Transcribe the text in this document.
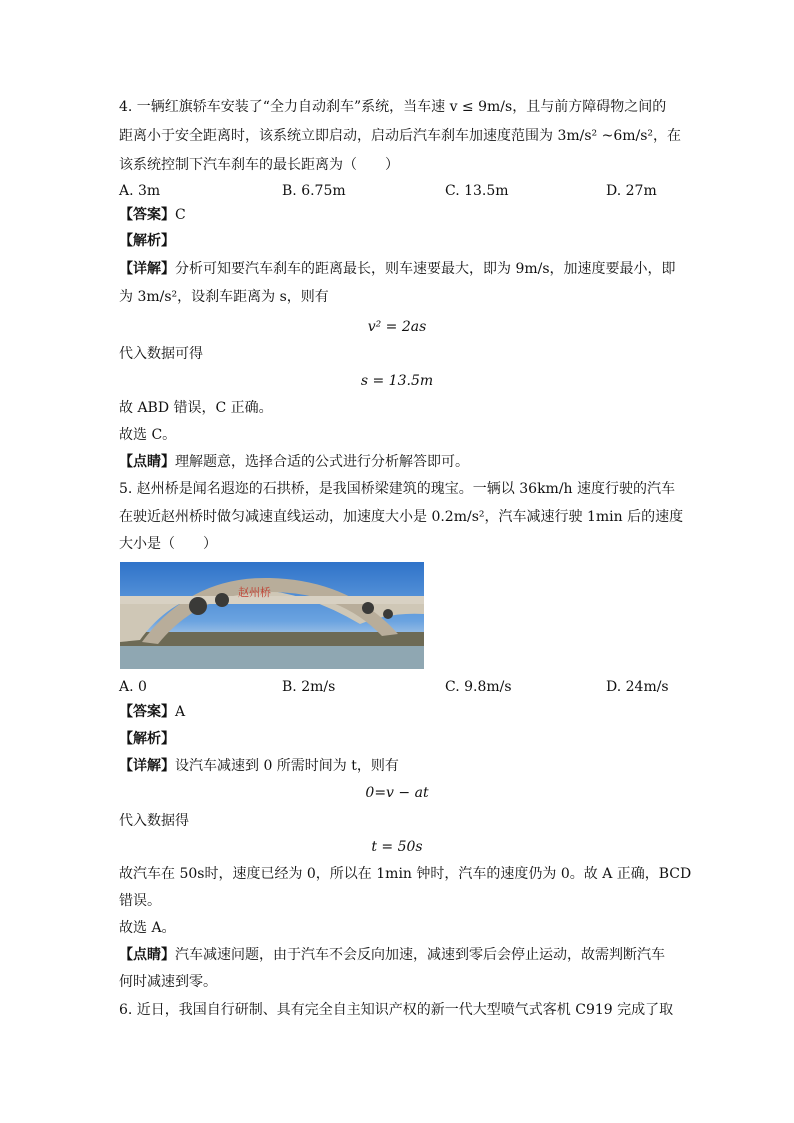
4. 一辆红旗轿车安装了“全力自动刹车”系统，当车速 v ≤ 9m/s，且与前方障碍物之间的
距离小于安全距离时，该系统立即启动，启动后汽车刹车加速度范围为 3m/s² ~6m/s²，在
该系统控制下汽车刹车的最长距离为（　　）
A. 3m	B. 6.75m	C. 13.5m	D. 27m
【答案】C
【解析】
【详解】分析可知要汽车刹车的距离最长，则车速要最大，即为 9m/s，加速度要最小，即
为 3m/s²，设刹车距离为 s，则有
v² = 2as
代入数据可得
s = 13.5m
故 ABD 错误，C 正确。
故选 C。
【点睛】理解题意，选择合适的公式进行分析解答即可。
5. 赵州桥是闻名遐迩的石拱桥，是我国桥梁建筑的瑰宝。一辆以 36km/h 速度行驶的汽车
在驶近赵州桥时做匀减速直线运动，加速度大小是 0.2m/s²，汽车减速行驶 1min 后的速度
大小是（　　）
赵州桥
A. 0	B. 2m/s	C. 9.8m/s	D. 24m/s
【答案】A
【解析】
【详解】设汽车减速到 0 所需时间为 t，则有
0=v − at
代入数据得
t = 50s
故汽车在 50s时，速度已经为 0，所以在 1min 钟时，汽车的速度仍为 0。故 A 正确，BCD
错误。
故选 A。
【点睛】汽车减速问题，由于汽车不会反向加速，减速到零后会停止运动，故需判断汽车
何时减速到零。
6. 近日，我国自行研制、具有完全自主知识产权的新一代大型喷气式客机 C919 完成了取
